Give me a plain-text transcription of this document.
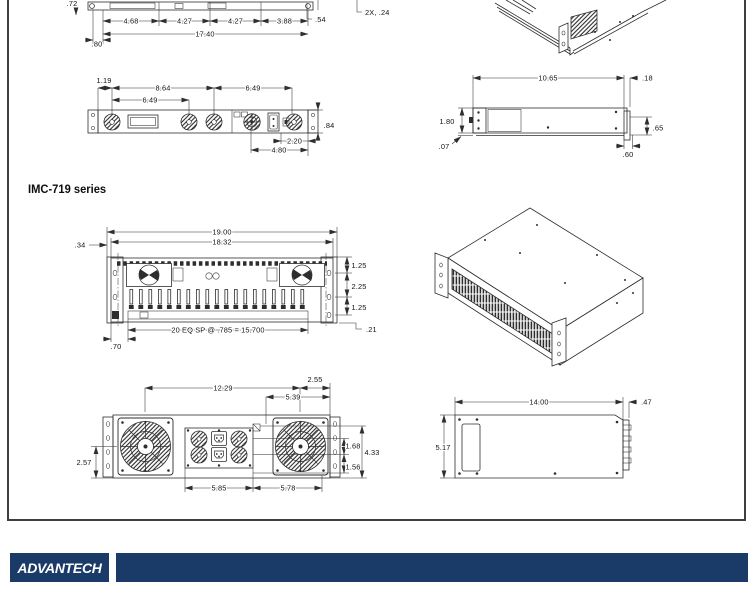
.72
4.68	4.27	4.27	3.88
17.40
.80
.54
2X, .24
1.19
8.64	6.49
6.49
.84
2.20
4.80
10.65	.18
1.80
.07
.65
.60
IMC-719 series
19.00
18.32
.34
1.25
2.25
1.25
.21
20 EQ SP @ .785 = 15.700
.70
12.29
2.55
5.39
2.57
1.68
4.33
1.56
5.85	5.78
14.00	.47
5.17
ADVANTECH
